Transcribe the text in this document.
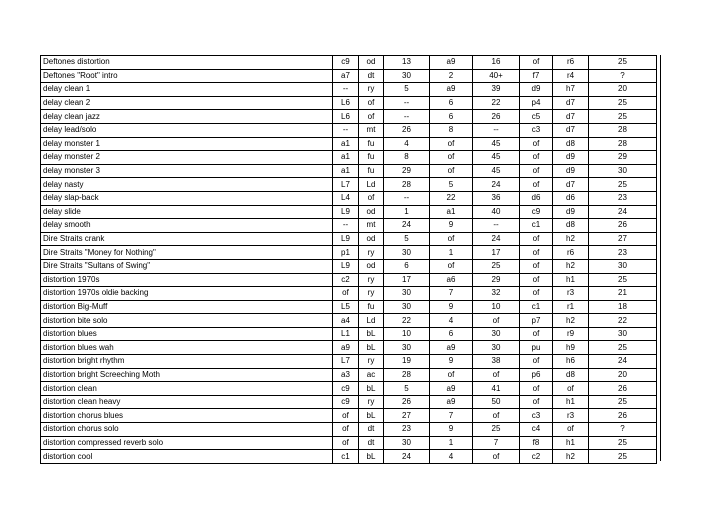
Deftones distortion	c9	od	13	a9	16	of	r6	25
Deftones "Root" intro	a7	dt	30	2	40+	f7	r4	?
delay clean 1	--	ry	5	a9	39	d9	h7	20
delay clean 2	L6	of	--	6	22	p4	d7	25
delay clean jazz	L6	of	--	6	26	c5	d7	25
delay lead/solo	--	mt	26	8	--	c3	d7	28
delay monster 1	a1	fu	4	of	45	of	d8	28
delay monster 2	a1	fu	8	of	45	of	d9	29
delay monster 3	a1	fu	29	of	45	of	d9	30
delay nasty	L7	Ld	28	5	24	of	d7	25
delay slap-back	L4	of	--	22	36	d6	d6	23
delay slide	L9	od	1	a1	40	c9	d9	24
delay smooth	--	mt	24	9	--	c1	d8	26
Dire Straits crank	L9	od	5	of	24	of	h2	27
Dire Straits "Money for Nothing"	p1	ry	30	1	17	of	r6	23
Dire Straits "Sultans of Swing"	L9	od	6	of	25	of	h2	30
distortion 1970s	c2	ry	17	a6	29	of	h1	25
distortion 1970s oldie backing	of	ry	30	7	32	of	r3	21
distortion Big-Muff	L5	fu	30	9	10	c1	r1	18
distortion bite solo	a4	Ld	22	4	of	p7	h2	22
distortion blues	L1	bL	10	6	30	of	r9	30
distortion blues wah	a9	bL	30	a9	30	pu	h9	25
distortion bright rhythm	L7	ry	19	9	38	of	h6	24
distortion bright Screeching Moth	a3	ac	28	of	of	p6	d8	20
distortion clean	c9	bL	5	a9	41	of	of	26
distortion clean heavy	c9	ry	26	a9	50	of	h1	25
distortion chorus blues	of	bL	27	7	of	c3	r3	26
distortion chorus solo	of	dt	23	9	25	c4	of	?
distortion compressed reverb solo	of	dt	30	1	7	f8	h1	25
distortion cool	c1	bL	24	4	of	c2	h2	25
